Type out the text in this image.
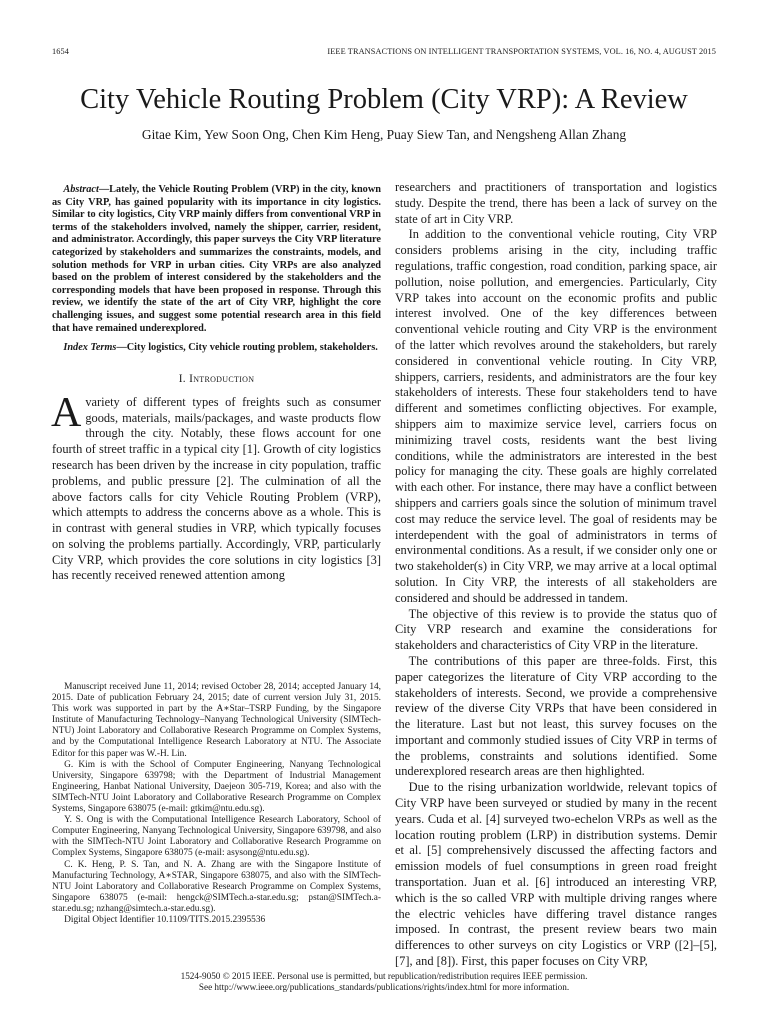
1654	IEEE TRANSACTIONS ON INTELLIGENT TRANSPORTATION SYSTEMS, VOL. 16, NO. 4, AUGUST 2015
City Vehicle Routing Problem (City VRP): A Review
Gitae Kim, Yew Soon Ong, Chen Kim Heng, Puay Siew Tan, and Nengsheng Allan Zhang

Abstract—Lately, the Vehicle Routing Problem (VRP) in the city, known as City VRP, has gained popularity with its importance in city logistics. Similar to city logistics, City VRP mainly differs from conventional VRP in terms of the stakeholders involved, namely the shipper, carrier, resident, and administrator. Accordingly, this paper surveys the City VRP literature categorized by stakeholders and summarizes the constraints, models, and solution methods for VRP in urban cities. City VRPs are also analyzed based on the problem of interest considered by the stakeholders and the corresponding models that have been proposed in response. Through this review, we identify the state of the art of City VRP, highlight the core challenging issues, and suggest some potential research area in this field that have remained underexplored.

Index Terms—City logistics, City vehicle routing problem, stakeholders.

I. Introduction

Avariety of different types of freights such as consumer goods, materials, mails/packages, and waste products flow through the city. Notably, these flows account for one fourth of street traffic in a typical city [1]. Growth of city logistics research has been driven by the increase in city population, traffic problems, and public pressure [2]. The culmination of all the above factors calls for city Vehicle Routing Problem (VRP), which attempts to address the concerns above as a whole. This is in contrast with general studies in VRP, which typically focuses on solving the problems partially. Accordingly, VRP, particularly City VRP, which provides the core solutions in city logistics [3] has recently received renewed attention among

Manuscript received June 11, 2014; revised October 28, 2014; accepted January 14, 2015. Date of publication February 24, 2015; date of current version July 31, 2015. This work was supported in part by the A∗Star–TSRP Funding, by the Singapore Institute of Manufacturing Technology–Nanyang Technological University (SIMTech-NTU) Joint Laboratory and Collaborative Research Programme on Complex Systems, and by the Computational Intelligence Research Laboratory at NTU. The Associate Editor for this paper was W.-H. Lin.

G. Kim is with the School of Computer Engineering, Nanyang Technological University, Singapore 639798; with the Department of Industrial Management Engineering, Hanbat National University, Daejeon 305-719, Korea; and also with the SIMTech-NTU Joint Laboratory and Collaborative Research Programme on Complex Systems, Singapore 638075 (e-mail: gtkim@ntu.edu.sg).

Y. S. Ong is with the Computational Intelligence Research Laboratory, School of Computer Engineering, Nanyang Technological University, Singapore 639798, and also with the SIMTech-NTU Joint Laboratory and Collaborative Research Programme on Complex Systems, Singapore 638075 (e-mail: asysong@ntu.edu.sg).

C. K. Heng, P. S. Tan, and N. A. Zhang are with the Singapore Institute of Manufacturing Technology, A∗STAR, Singapore 638075, and also with the SIMTech-NTU Joint Laboratory and Collaborative Research Programme on Complex Systems, Singapore 638075 (e-mail: hengck@SIMTech.a-star.edu.sg; pstan@SIMTech.a-star.edu.sg; nzhang@simtech.a-star.edu.sg).

Digital Object Identifier 10.1109/TITS.2015.2395536

researchers and practitioners of transportation and logistics study. Despite the trend, there has been a lack of survey on the state of art in City VRP.

In addition to the conventional vehicle routing, City VRP considers problems arising in the city, including traffic regulations, traffic congestion, road condition, parking space, air pollution, noise pollution, and emergencies. Particularly, City VRP takes into account on the economic profits and public interest involved. One of the key differences between conventional vehicle routing and City VRP is the environment of the latter which revolves around the stakeholders, but rarely considered in conventional vehicle routing. In City VRP, shippers, carriers, residents, and administrators are the four key stakeholders of interests. These four stakeholders tend to have different and sometimes conflicting objectives. For example, shippers aim to maximize service level, carriers focus on minimizing travel costs, residents want the best living conditions, while the administrators are interested in the best policy for managing the city. These goals are highly correlated with each other. For instance, there may have a conflict between shippers and carriers goals since the solution of minimum travel cost may reduce the service level. The goal of residents may be interdependent with the goal of administrators in terms of environmental conditions. As a result, if we consider only one or two stakeholder(s) in City VRP, we may arrive at a local optimal solution. In City VRP, the interests of all stakeholders are considered and should be addressed in tandem.

The objective of this review is to provide the status quo of City VRP research and examine the considerations for stakeholders and characteristics of City VRP in the literature.

The contributions of this paper are three-folds. First, this paper categorizes the literature of City VRP according to the stakeholders of interests. Second, we provide a comprehensive review of the diverse City VRPs that have been considered in the literature. Last but not least, this survey focuses on the important and commonly studied issues of City VRP in terms of the problems, constraints and solutions identified. Some underexplored research areas are then highlighted.

Due to the rising urbanization worldwide, relevant topics of City VRP have been surveyed or studied by many in the recent years. Cuda et al. [4] surveyed two-echelon VRPs as well as the location routing problem (LRP) in distribution systems. Demir et al. [5] comprehensively discussed the affecting factors and emission models of fuel consumptions in green road freight transportation. Juan et al. [6] introduced an interesting VRP, which is the so called VRP with multiple driving ranges where the electric vehicles have differing travel distance ranges imposed. In contrast, the present review bears two main differences to other surveys on city Logistics or VRP ([2]–[5], [7], and [8]). First, this paper focuses on City VRP,

1524-9050 © 2015 IEEE. Personal use is permitted, but republication/redistribution requires IEEE permission.
See http://www.ieee.org/publications_standards/publications/rights/index.html for more information.
